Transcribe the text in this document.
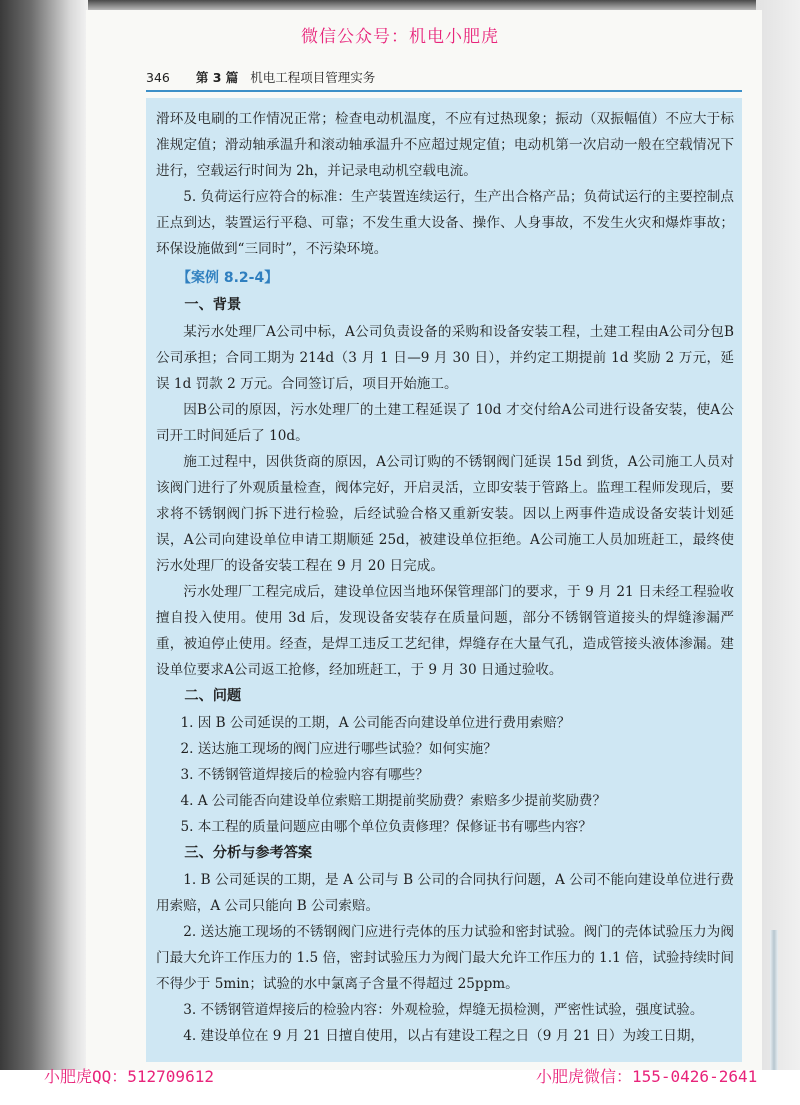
微信公众号：机电小肥虎
346 第 3 篇 机电工程项目管理实务

滑环及电刷的工作情况正常；检查电动机温度，不应有过热现象；振动（双振幅值）不应大于标准规定值；滑动轴承温升和滚动轴承温升不应超过规定值；电动机第一次启动一般在空载情况下进行，空载运行时间为 2h，并记录电动机空载电流。

5. 负荷运行应符合的标准：生产装置连续运行，生产出合格产品；负荷试运行的主要控制点正点到达，装置运行平稳、可靠；不发生重大设备、操作、人身事故，不发生火灾和爆炸事故；环保设施做到“三同时”，不污染环境。

【案例 8.2-4】
一、背景

某污水处理厂A公司中标，A公司负责设备的采购和设备安装工程，土建工程由A公司分包B公司承担；合同工期为 214d（3 月 1 日—9 月 30 日），并约定工期提前 1d 奖励 2 万元，延误 1d 罚款 2 万元。合同签订后，项目开始施工。

因B公司的原因，污水处理厂的土建工程延误了 10d 才交付给A公司进行设备安装，使A公司开工时间延后了 10d。

施工过程中，因供货商的原因，A公司订购的不锈钢阀门延误 15d 到货，A公司施工人员对该阀门进行了外观质量检查，阀体完好，开启灵活，立即安装于管路上。监理工程师发现后，要求将不锈钢阀门拆下进行检验，后经试验合格又重新安装。因以上两事件造成设备安装计划延误，A公司向建设单位申请工期顺延 25d，被建设单位拒绝。A公司施工人员加班赶工，最终使污水处理厂的设备安装工程在 9 月 20 日完成。

污水处理厂工程完成后，建设单位因当地环保管理部门的要求，于 9 月 21 日未经工程验收擅自投入使用。使用 3d 后，发现设备安装存在质量问题，部分不锈钢管道接头的焊缝渗漏严重，被迫停止使用。经查，是焊工违反工艺纪律，焊缝存在大量气孔，造成管接头液体渗漏。建设单位要求A公司返工抢修，经加班赶工，于 9 月 30 日通过验收。

二、问题

1. 因 B 公司延误的工期，A 公司能否向建设单位进行费用索赔？

2. 送达施工现场的阀门应进行哪些试验？如何实施？

3. 不锈钢管道焊接后的检验内容有哪些？

4. A 公司能否向建设单位索赔工期提前奖励费？索赔多少提前奖励费？

5. 本工程的质量问题应由哪个单位负责修理？保修证书有哪些内容？

三、分析与参考答案

1. B 公司延误的工期，是 A 公司与 B 公司的合同执行问题，A 公司不能向建设单位进行费用索赔，A 公司只能向 B 公司索赔。

2. 送达施工现场的不锈钢阀门应进行壳体的压力试验和密封试验。阀门的壳体试验压力为阀门最大允许工作压力的 1.5 倍，密封试验压力为阀门最大允许工作压力的 1.1 倍，试验持续时间不得少于 5min；试验的水中氯离子含量不得超过 25ppm。

3. 不锈钢管道焊接后的检验内容：外观检验，焊缝无损检测，严密性试验，强度试验。

4. 建设单位在 9 月 21 日擅自使用，以占有建设工程之日（9 月 21 日）为竣工日期，

小肥虎QQ：512709612	小肥虎微信：155-0426-2641
